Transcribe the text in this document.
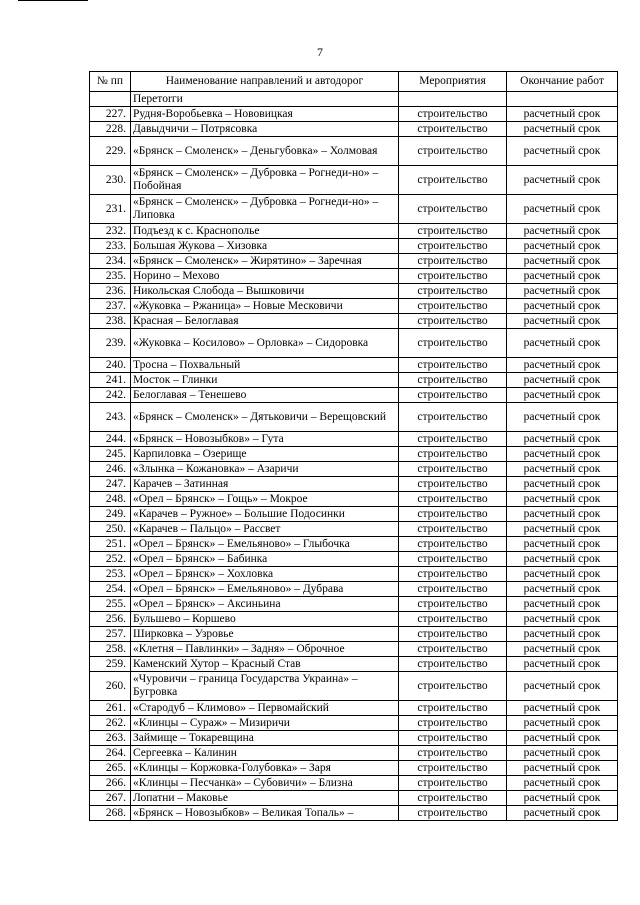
7
№ пп	Наименование направлений и автодорог	Мероприятия	Окончание работ
	Перетorги		
227.	Рудня-Воробьевка – Нововицкая	строительство	расчетный срок
228.	Давыдчичи – Потрясовка	строительство	расчетный срок
229.	«Брянск – Смоленск» – Деньгубовка» – Холмовая	строительство	расчетный срок
230.	«Брянск – Смоленск» – Дубровка – Рогнеди-но» – Побойная	строительство	расчетный срок
231.	«Брянск – Смоленск» – Дубровка – Рогнеди-но» – Липовка	строительство	расчетный срок
232.	Подъезд к с. Краснополье	строительство	расчетный срок
233.	Большая Жукова – Хизовка	строительство	расчетный срок
234.	«Брянск – Смоленск» – Жирятино» – Заречная	строительство	расчетный срок
235.	Норино – Мехово	строительство	расчетный срок
236.	Никольская Слобода – Вышковичи	строительство	расчетный срок
237.	«Жуковка – Ржаница» – Новые Месковичи	строительство	расчетный срок
238.	Красная – Белоглавая	строительство	расчетный срок
239.	«Жуковка – Косилово» – Орловка» – Сидоровка	строительство	расчетный срок
240.	Тросна – Похвальный	строительство	расчетный срок
241.	Мосток – Глинки	строительство	расчетный срок
242.	Белоглавая – Тенешево	строительство	расчетный срок
243.	«Брянск – Смоленск» – Дятьковичи – Верещовский	строительство	расчетный срок
244.	«Брянск – Новозыбков» – Гута	строительство	расчетный срок
245.	Карпиловка – Озерище	строительство	расчетный срок
246.	«Злынка – Кожановка» – Азаричи	строительство	расчетный срок
247.	Карачев – Затинная	строительство	расчетный срок
248.	«Орел – Брянск» – Гощь» – Мокрое	строительство	расчетный срок
249.	«Карачев – Ружное» – Большие Подосинки	строительство	расчетный срок
250.	«Карачев – Пальцо» – Рассвет	строительство	расчетный срок
251.	«Орел – Брянск» – Емельяново» – Глыбочка	строительство	расчетный срок
252.	«Орел – Брянск» – Бабинка	строительство	расчетный срок
253.	«Орел – Брянск» – Хохловка	строительство	расчетный срок
254.	«Орел – Брянск» – Емельяново» – Дубрава	строительство	расчетный срок
255.	«Орел – Брянск» – Аксиньина	строительство	расчетный срок
256.	Бульшево – Коршево	строительство	расчетный срок
257.	Ширковка – Узровье	строительство	расчетный срок
258.	«Клетня – Павлинки» – Задня» – Оброчное	строительство	расчетный срок
259.	Каменский Хутор – Красный Став	строительство	расчетный срок
260.	«Чуровичи – граница Государства Украина» – Бугровка	строительство	расчетный срок
261.	«Стародуб – Климово» – Первомайский	строительство	расчетный срок
262.	«Клинцы – Сураж» – Мизиричи	строительство	расчетный срок
263.	Займище – Токаревщина	строительство	расчетный срок
264.	Сергеевка – Калинин	строительство	расчетный срок
265.	«Клинцы – Коржовка-Голубовка» – Заря	строительство	расчетный срок
266.	«Клинцы – Песчанка» – Субовичи» – Близна	строительство	расчетный срок
267.	Лопатни – Маковье	строительство	расчетный срок
268.	«Брянск – Новозыбков» – Великая Топаль» –	строительство	расчетный срок
